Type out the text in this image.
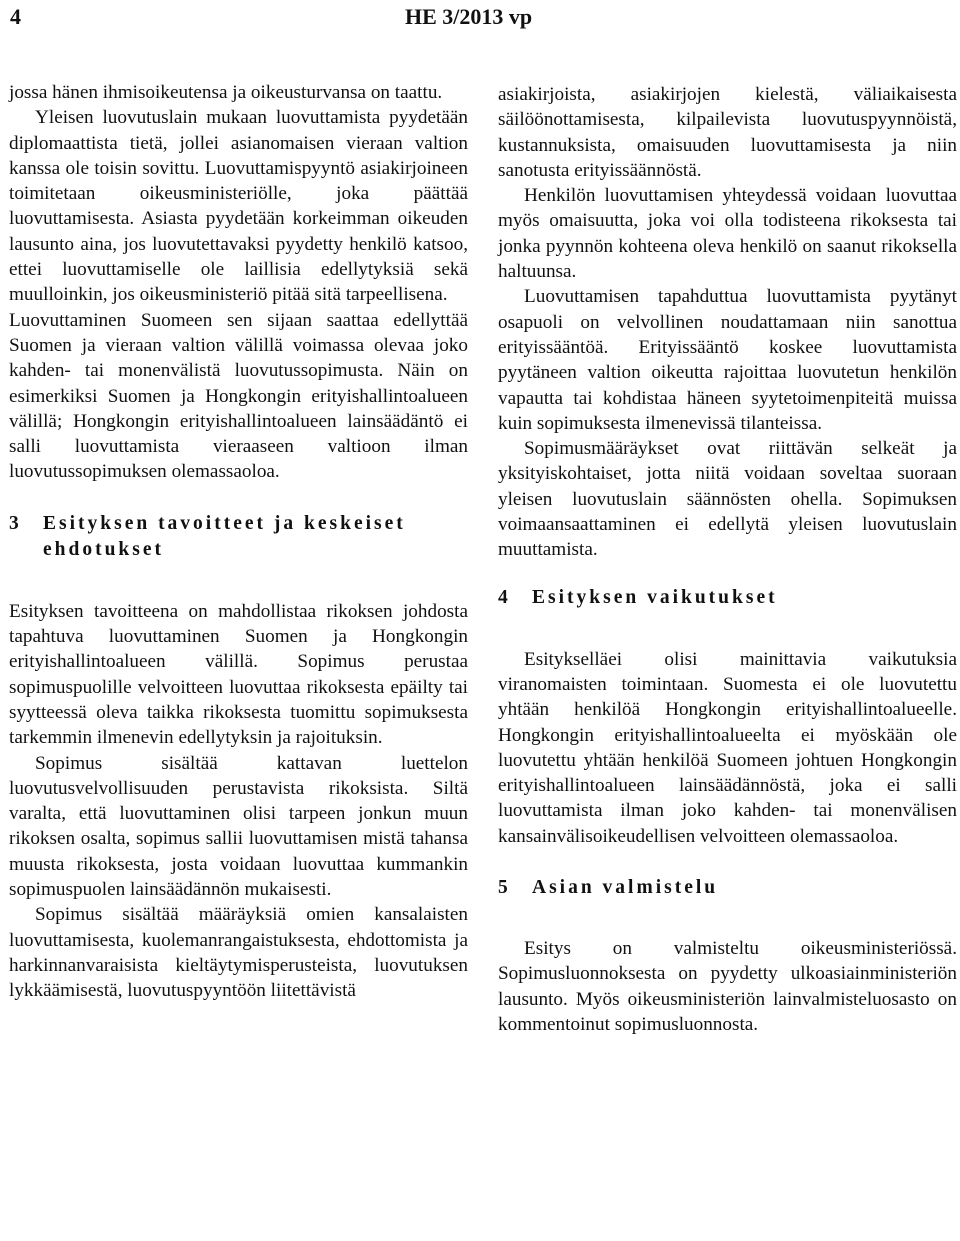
4	HE 3/2013 vp

jossa hänen ihmisoikeutensa ja oikeusturvansa on taattu.

Yleisen luovutuslain mukaan luovuttamista pyydetään diplomaattista tietä, jollei asianomaisen vieraan valtion kanssa ole toisin sovittu. Luovuttamispyyntö asiakirjoineen toimitetaan oikeusministeriölle, joka päättää luovuttamisesta. Asiasta pyydetään korkeimman oikeuden lausunto aina, jos luovutettavaksi pyydetty henkilö katsoo, ettei luovuttamiselle ole laillisia edellytyksiä sekä muulloinkin, jos oikeusministeriö pitää sitä tarpeellisena.

Luovuttaminen Suomeen sen sijaan saattaa edellyttää Suomen ja vieraan valtion välillä voimassa olevaa joko kahden- tai monenvälistä luovutussopimusta. Näin on esimerkiksi Suomen ja Hongkongin erityishallintoalueen välillä; Hongkongin erityishallintoalueen lainsäädäntö ei salli luovuttamista vieraaseen valtioon ilman luovutussopimuksen olemassaoloa.

3	Esityksen tavoitteet ja keskeiset ehdotukset

Esityksen tavoitteena on mahdollistaa rikoksen johdosta tapahtuva luovuttaminen Suomen ja Hongkongin erityishallintoalueen välillä. Sopimus perustaa sopimuspuolille velvoitteen luovuttaa rikoksesta epäilty tai syytteessä oleva taikka rikoksesta tuomittu sopimuksesta tarkemmin ilmenevin edellytyksin ja rajoituksin.

Sopimus sisältää kattavan luettelon luovutusvelvollisuuden perustavista rikoksista. Siltä varalta, että luovuttaminen olisi tarpeen jonkun muun rikoksen osalta, sopimus sallii luovuttamisen mistä tahansa muusta rikoksesta, josta voidaan luovuttaa kummankin sopimuspuolen lainsäädännön mukaisesti.

Sopimus sisältää määräyksiä omien kansalaisten luovuttamisesta, kuolemanrangaistuksesta, ehdottomista ja harkinnanvaraisista kieltäytymisperusteista, luovutuksen lykkäämisestä, luovutuspyyntöön liitettävistä

asiakirjoista, asiakirjojen kielestä, väliaikaisesta säilöönottamisesta, kilpailevista luovutuspyynnöistä, kustannuksista, omaisuuden luovuttamisesta ja niin sanotusta erityissäännöstä.

Henkilön luovuttamisen yhteydessä voidaan luovuttaa myös omaisuutta, joka voi olla todisteena rikoksesta tai jonka pyynnön kohteena oleva henkilö on saanut rikoksella haltuunsa.

Luovuttamisen tapahduttua luovuttamista pyytänyt osapuoli on velvollinen noudattamaan niin sanottua erityissääntöä. Erityissääntö koskee luovuttamista pyytäneen valtion oikeutta rajoittaa luovutetun henkilön vapautta tai kohdistaa häneen syytetoimenpiteitä muissa kuin sopimuksesta ilmenevissä tilanteissa.

Sopimusmääräykset ovat riittävän selkeät ja yksityiskohtaiset, jotta niitä voidaan soveltaa suoraan yleisen luovutuslain säännösten ohella. Sopimuksen voimaansaattaminen ei edellytä yleisen luovutuslain muuttamista.

4	Esityksen vaikutukset

Esitykselläei olisi mainittavia vaikutuksia viranomaisten toimintaan. Suomesta ei ole luovutettu yhtään henkilöä Hongkongin erityishallintoalueelle. Hongkongin erityishallintoalueelta ei myöskään ole luovutettu yhtään henkilöä Suomeen johtuen Hongkongin erityishallintoalueen lainsäädännöstä, joka ei salli luovuttamista ilman joko kahden- tai monenvälisen kansainvälisoikeudellisen velvoitteen olemassaoloa.

5	Asian valmistelu

Esitys on valmisteltu oikeusministeriössä. Sopimusluonnoksesta on pyydetty ulkoasiainministeriön lausunto. Myös oikeusministeriön lainvalmisteluosasto on kommentoinut sopimusluonnosta.
